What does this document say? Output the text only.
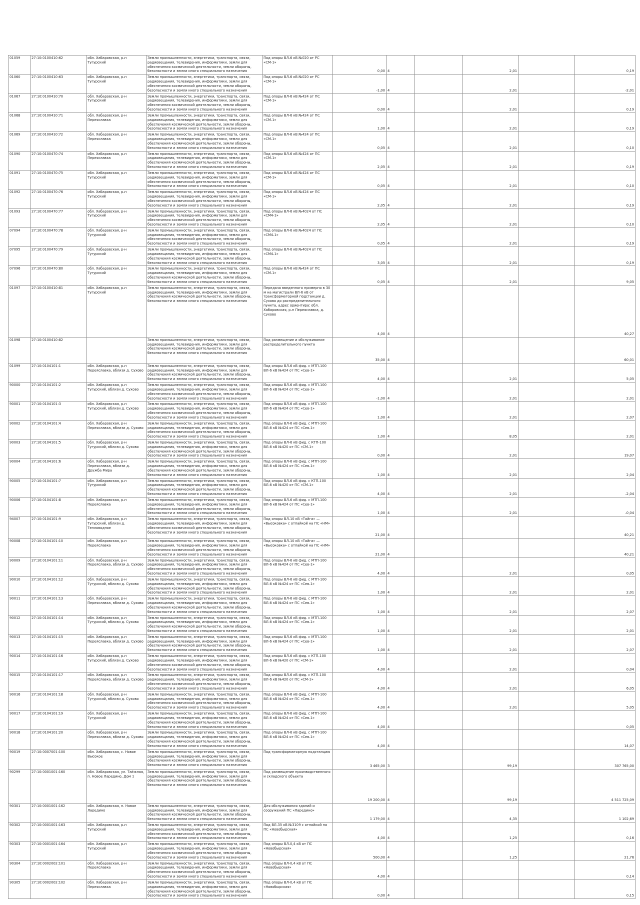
01059	27:10:0100410:62	обл. Хабаровская, р-н Тугурский	Земли промышленности, энергетики, транспорта, связи, радиовещания, телевидения, информатики, земли для обеспечения космической деятельности, земли обороны, безопасности и земли иного специального назначения	Под опоры ВЛ-6 кВ №020 от РС «СМ-1»	0,00	4		2,01		0,19
01060	27:10:0100410:63	обл. Хабаровская, р-н Тугурский	Земли промышленности, энергетики, транспорта, связи, радиовещания, телевидения, информатики, земли для обеспечения космической деятельности, земли обороны, безопасности и земли иного специального назначения	Под опоры ВЛ-6 кВ №020 от РС «СМ-1»	-1,00	4		2,01		-2,01
01067	27:10:0100410:70	обл. Хабаровская, р-н Тугурский	Земли промышленности, энергетики, транспорта, связи, радиовещания, телевидения, информатики, земли для обеспечения космической деятельности, земли обороны, безопасности и земли иного специального назначения	Под опоры ВЛ-6 кВ №424 от ПС «СМ-1»	0,00	4		2,01		0,19
01068	27:10:0100410:71	обл. Хабаровская, р-н Переяславка	Земли промышленности, энергетики, транспорта, связи, радиовещания, телевидения, информатики, земли для обеспечения космической деятельности, земли обороны, безопасности и земли иного специального назначения	Под опоры ВЛ-6 кВ №424 от ПС «СМ-1»	1,00	4		2,01		0,19
01069	27:10:0100410:72	обл. Хабаровская, р-н Переяславка	Земли промышленности, энергетики, транспорта, связи, радиовещания, телевидения, информатики, земли для обеспечения космической деятельности, земли обороны, безопасности и земли иного специального назначения	Под опоры ВЛ-6 кВ №424 от ПС «СМ-1»	0,05	4		2,01		0,10
01090	27:10:0100470:74	обл. Хабаровская, р-н Переяславка	Земли промышленности, энергетики, транспорта, связи, радиовещания, телевидения, информатики, земли для обеспечения космической деятельности, земли обороны, безопасности и земли иного специального назначения	Под опоры ВЛ-6 кВ №424 от ПС «СМ-1»	2,05	4		2,01		0,19
01091	27:10:0100470:75	обл. Хабаровская, р-н Тугурский	Земли промышленности, энергетики, транспорта, связи, радиовещания, телевидения, информатики, земли для обеспечения космической деятельности, земли обороны, безопасности и земли иного специального назначения	Под опоры ВЛ-6 кВ №424 от ПС «СМ-1»	0,05	4		2,01		0,10
01092	27:10:0100470:76	обл. Хабаровская, р-н Тугурский	Земли промышленности, энергетики, транспорта, связи, радиовещания, телевидения, информатики, земли для обеспечения космической деятельности, земли обороны, безопасности и земли иного специального назначения	Под опоры ВЛ-6 кВ №424 от ПС «СМ-1»	2,05	4		2,01		0,19
01093	27:10:0100470:77	обл. Хабаровская, р-н Тугурский	Земли промышленности, энергетики, транспорта, связи, радиовещания, телевидения, информатики, земли для обеспечения космической деятельности, земли обороны, безопасности и земли иного специального назначения	Под опоры ВЛ-6 кВ №4024 от ПС «СМ4-1»	2,05	4		2,01		0,10
07094	27:10:0100470:78	обл. Хабаровская, р-н Тугурский	Земли промышленности, энергетики, транспорта, связи, радиовещания, телевидения, информатики, земли для обеспечения космической деятельности, земли обороны, безопасности и земли иного специального назначения	Под опоры ВЛ-6 кВ №4024 от ПС «СМ4-1»	0,05	4		2,01		0,19
07095	27:10:0100470:79	обл. Хабаровская, р-н Тугурский	Земли промышленности, энергетики, транспорта, связи, радиовещания, телевидения, информатики, земли для обеспечения космической деятельности, земли обороны, безопасности и земли иного специального назначения	Под опоры ВЛ-6 кВ №4024 от ПС «СМ4-1»	3,05	4		2,01		0,19
07096	27:10:0100470:80	обл. Хабаровская, р-н Тугурский	Земли промышленности, энергетики, транспорта, связи, радиовещания, телевидения, информатики, земли для обеспечения космической деятельности, земли обороны, безопасности и земли иного специального назначения	Под опоры ВЛ-6 кВ №424 от ПС «СМ-1»	0,05	4		2,01		9,05
01097	27:10:0100410:81	обл. Хабаровская, р-н Тугурский	Земли промышленности, энергетики, транспорта, связи, радиовещания, телевидения, информатики, земли для обеспечения космической деятельности, земли обороны, безопасности и земли иного специального назначения	Передача введенного примерно в 30 м на магистрали ВЛ-6 кВ от трансформаторной подстанции д. Сухово до распределительного пункта, адрес ориентира: обл. Хабаровская, р-н Переяславка, д. Сухово	4,00	4				40,27
01098	27:10:0100410:82		Земли промышленности, энергетики, транспорта, связи, радиовещания, телевидения, информатики, земли для обеспечения космической деятельности, земли обороны, безопасности и земли иного специального назначения	Под размещение и обслуживание распределительного пункта	35,00	4				60,01
01099	27:10:0104101:1	обл. Хабаровская, р-н Переяславка, вблизи д. Сухово	Земли промышленности, энергетики, транспорта, связи, радиовещания, телевидения, информатики, земли для обеспечения космической деятельности, земли обороны, безопасности и земли иного специального назначения	Под опоры ВЛ-6 кВ фид. с МТП-100 ВЛ-6 кВ №424 от ПС «Сев-1»	4,00	4		2,01		5,05
90000	27:10:0104101:2	обл. Хабаровская, р-н Тугурский, вблизи д. Сухово	Земли промышленности, энергетики, транспорта, связи, радиовещания, телевидения, информатики, земли для обеспечения космической деятельности, земли обороны, безопасности и земли иного специального назначения	Под опоры ВЛ-6 кВ фид. с МТП-100 ВЛ-6 кВ №424 от ПС «Сев-1»	-1,00	4		2,01		2,01
90001	27:10:0104101:3	обл. Хабаровская, р-н Тугурский, вблизи д. Сухово	Земли промышленности, энергетики, транспорта, связи, радиовещания, телевидения, информатики, земли для обеспечения космической деятельности, земли обороны, безопасности и земли иного специального назначения	Под опоры ВЛ-6 кВ фид. с МТП-100 ВЛ-6 кВ №424 от ПС «Сев-1»	1,00	4		2,01		2,07
90002	27:10:0104101:4	обл. Хабаровская, р-н Переяславка, вблизи д. Сухово	Земли промышленности, энергетики, транспорта, связи, радиовещания, телевидения, информатики, земли для обеспечения космической деятельности, земли обороны, безопасности и земли иного специального назначения	Под опоры ВЛ-6 кВ фид. с МТП-100 ВЛ-6 кВ №424 от ПС «Сев-1»	1,00	4		8,05		2,01
90003	27:10:0104101:5	обл. Хабаровская, р-н Тугурский, вблизи д. Сухово	Земли промышленности, энергетики, транспорта, связи, радиовещания, телевидения, информатики, земли для обеспечения космической деятельности, земли обороны, безопасности и земли иного специального назначения	Под опоры ВЛ-6 кВ фид. с КТП-100 ВЛ-6 кВ №420 от ПС «СМ-1»	0,00	4		2,01		19,07
90004	27:10:0104101:6	обл. Хабаровская, р-н Переяславка, вблизи д. Дружба Мира	Земли промышленности, энергетики, транспорта, связи, радиовещания, телевидения, информатики, земли для обеспечения космической деятельности, земли обороны, безопасности и земли иного специального назначения	Под опоры ВЛ-6 кВ фид. с МТП-100 ВЛ-6 кВ №424 от ПС «Сев-1»	1,00	4		2,01		2,04
90005	27:10:0104101:7	обл. Хабаровская, р-н Тугурский	Земли промышленности, энергетики, транспорта, связи, радиовещания, телевидения, информатики, земли для обеспечения космической деятельности, земли обороны, безопасности и земли иного специального назначения	Под опоры ВЛ-6 кВ фид. с КТП-100 ВЛ-6 кВ №420 от ПС «СМ-1»	4,00	4		2,01		-2,04
90006	27:10:0104101:8	обл. Хабаровская, р-н Переяславка	Земли промышленности, энергетики, транспорта, связи, радиовещания, телевидения, информатики, земли для обеспечения космической деятельности, земли обороны, безопасности и земли иного специального назначения	Под опоры ВЛ-6 кВ фид. с МТП-100 ВЛ-6 кВ №424 от ПС «Сев-1»	1,00	4		2,01		-0,04
94007	27:10:0104101:9	обл. Хабаровская, р-н Тугурский, вблизи д. Тепловодное	Земли промышленности, энергетики, транспорта, связи, радиовещания, телевидения, информатики, земли для обеспечения космической деятельности, земли обороны, безопасности и земли иного специального назначения	Под опоры ВЛ-10 кВ «Тайга» — «Высоковка» с отпайкой на ПС «НМ»	21,00	4				40,21
90008	27:10:0104101:10	обл. Хабаровская, р-н Переяславка	Земли промышленности, энергетики, транспорта, связи, радиовещания, телевидения, информатики, земли для обеспечения космической деятельности, земли обороны, безопасности и земли иного специального назначения	Под опоры ВЛ-10 кВ «Тайга» — «Высоковка» с отпайкой на ПС «НМ»	21,00	4				40,21
90009	27:10:0104101:11	обл. Хабаровская, р-н Переяславка, вблизи д. Сухово	Земли промышленности, энергетики, транспорта, связи, радиовещания, телевидения, информатики, земли для обеспечения космической деятельности, земли обороны, безопасности и земли иного специального назначения	Под опоры ВЛ-6 кВ фид. с МТП-100 ВЛ-6 кВ №424 от ПС «Сев-1»	4,00	4		2,01		0,05
90010	27:10:0104101:12	обл. Хабаровская, р-н Тугурский, вблизи д. Сухово	Земли промышленности, энергетики, транспорта, связи, радиовещания, телевидения, информатики, земли для обеспечения космической деятельности, земли обороны, безопасности и земли иного специального назначения	Под опоры ВЛ-6 кВ фид. с МТП-100 ВЛ-6 кВ №424 от ПС «Сев-1»	1,00	4		2,01		2,01
90011	27:10:0104101:13	обл. Хабаровская, р-н Переяславка, вблизи д. Сухово	Земли промышленности, энергетики, транспорта, связи, радиовещания, телевидения, информатики, земли для обеспечения космической деятельности, земли обороны, безопасности и земли иного специального назначения	Под опоры ВЛ-6 кВ фид. с МТП-100 ВЛ-6 кВ №424 от ПС «Сев-1»	1,00	4		2,01		2,07
90012	27:10:0104101:14	обл. Хабаровская, р-н Тугурский, вблизи д. Сухово	Земли промышленности, энергетики, транспорта, связи, радиовещания, телевидения, информатики, земли для обеспечения космической деятельности, земли обороны, безопасности и земли иного специального назначения	Под опоры ВЛ-6 кВ фид. с МТП-100 ВЛ-6 кВ №424 от ПС «Сев-1»	1,00	4		2,01		2,01
90013	27:10:0104101:15	обл. Хабаровская, р-н Переяславка, вблизи д. Сухово	Земли промышленности, энергетики, транспорта, связи, радиовещания, телевидения, информатики, земли для обеспечения космической деятельности, земли обороны, безопасности и земли иного специального назначения	Под опоры ВЛ-6 кВ фид. с МТП-100 ВЛ-6 кВ №424 от ПС «Сев-1»	1,00	4		2,01		2,07
90014	27:10:0104101:16	обл. Хабаровская, р-н Тугурский, вблизи д. Сухово	Земли промышленности, энергетики, транспорта, связи, радиовещания, телевидения, информатики, земли для обеспечения космической деятельности, земли обороны, безопасности и земли иного специального назначения	Под опоры ВЛ-6 кВ фид. с КТП-100 ВЛ-6 кВ №420 от ПС «СМ-1»	4,00	4		2,01		0,04
90015	27:10:0104101:17	обл. Хабаровская, р-н Переяславка, вблизи д. Сухово	Земли промышленности, энергетики, транспорта, связи, радиовещания, телевидения, информатики, земли для обеспечения космической деятельности, земли обороны, безопасности и земли иного специального назначения	Под опоры ВЛ-6 кВ фид. с КТП-100 ВЛ-6 кВ №420 от ПС «СМ-1»	4,00	4		2,01		6,05
90016	27:10:0104101:18	обл. Хабаровская, р-н Тугурский, вблизи д. Сухово	Земли промышленности, энергетики, транспорта, связи, радиовещания, телевидения, информатики, земли для обеспечения космической деятельности, земли обороны, безопасности и земли иного специального назначения	Под опоры ВЛ-6 кВ фид. с МТП-100 ВЛ-6 кВ №424 от ПС «Сев-1»	4,00	4		2,01		5,05
90017	27:10:0104101:19	обл. Хабаровская, р-н Тугурский	Земли промышленности, энергетики, транспорта, связи, радиовещания, телевидения, информатики, земли для обеспечения космической деятельности, земли обороны, безопасности и земли иного специального назначения	Под опоры ВЛ-6 кВ фид. с МТП-100 ВЛ-6 кВ №424 от ПС «Сев-1»	4,00	4				0,05
90018	27:10:0104101:20	обл. Хабаровская, р-н Переяславка, вблизи д. Сухово	Земли промышленности, энергетики, транспорта, связи, радиовещания, телевидения, информатики, земли для обеспечения космической деятельности, земли обороны, безопасности и земли иного специального назначения	Под опоры ВЛ-6 кВ фид. с МТП-100 ВЛ-6 кВ №424 от ПС «Сев-1»	4,00	4				14,07
90019	27:10:0007001:100	обл. Хабаровская, с. Новое Высокое	Земли промышленности, энергетики, транспорта, связи, радиовещания, телевидения, информатики, земли для обеспечения космической деятельности, земли обороны, безопасности и земли иного специального назначения	Под трансформаторную подстанцию	3 465,00	3		99,19		307 765,00
90299	27:10:0001001:160	обл. Хабаровская, ул. Таёжная, п. Новое Ларедино, Дом 1	Земли промышленности, энергетики, транспорта, связи, радиовещания, телевидения, информатики, земли для обеспечения космической деятельности, земли обороны, безопасности и земли иного специального назначения	Под размещение производственного и складского объекта	19 200,00	4		99,19		4 511 725,09
90301	27:10:0001001:162	обл. Хабаровская, п. Новое Ларедино	Земли промышленности, энергетики, транспорта, связи, радиовещания, телевидения, информатики, земли для обеспечения космической деятельности, земли обороны, безопасности и земли иного специального назначения	Для обслуживания зданий и сооружений ПС «Ларедино»	1 179,00	4		4,35		1 102,69
90302	27:10:0001001:163	обл. Хабаровская, р-н Тугурский	Земли промышленности, энергетики, транспорта, связи, радиовещания, телевидения, информатики, земли для обеспечения космической деятельности, земли обороны, безопасности и земли иного специального назначения	Под ВЛ-35 кВ №3109 с отпайкой на ПС «Новобырская»	4,00	4		1,25		0,16
90303	27:10:0001001:164	обл. Хабаровская, р-н Тугурский	Земли промышленности, энергетики, транспорта, связи, радиовещания, телевидения, информатики, земли для обеспечения космической деятельности, земли обороны, безопасности и земли иного специального назначения	Под опоры ВЛ-0,4 кВ от ПС «Новобырская»	500,00	4		1,25		21,76
90304	27:10:0002002:101	обл. Хабаровская, р-н Переяславка	Земли промышленности, энергетики, транспорта, связи, радиовещания, телевидения, информатики, земли для обеспечения космической деятельности, земли обороны, безопасности и земли иного специального назначения	Под опоры ВЛ-0,4 кВ от ПС «Новобырская»	4,00	4				0,14
90305	27:10:0002002:102	обл. Хабаровская, р-н Переяславка	Земли промышленности, энергетики, транспорта, связи, радиовещания, телевидения, информатики, земли для обеспечения космической деятельности, земли обороны, безопасности и земли иного специального назначения	Под опоры ВЛ-0,4 кВ от ПС «Новобырская»	0,00	4				0,15
